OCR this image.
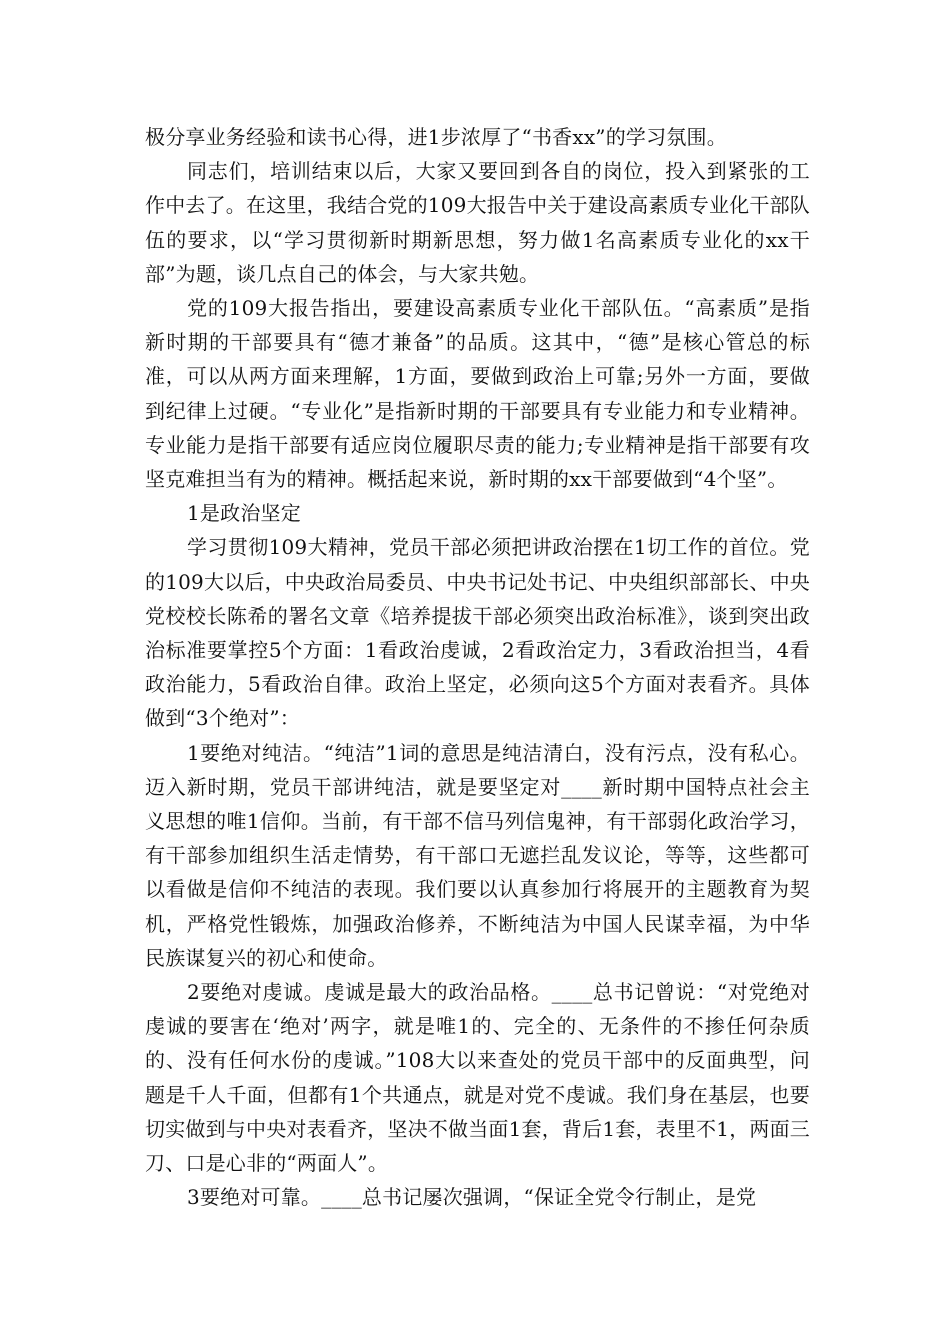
极分享业务经验和读书心得，进1步浓厚了“书香xx”的学习氛围。

同志们，培训结束以后，大家又要回到各自的岗位，投入到紧张的工作中去了。在这里，我结合党的109大报告中关于建设高素质专业化干部队伍的要求，以“学习贯彻新时期新思想，努力做1名高素质专业化的xx干部”为题，谈几点自己的体会，与大家共勉。

党的109大报告指出，要建设高素质专业化干部队伍。“高素质”是指新时期的干部要具有“德才兼备”的品质。这其中，“德”是核心管总的标准，可以从两方面来理解，1方面，要做到政治上可靠;另外一方面，要做到纪律上过硬。“专业化”是指新时期的干部要具有专业能力和专业精神。专业能力是指干部要有适应岗位履职尽责的能力;专业精神是指干部要有攻坚克难担当有为的精神。概括起来说，新时期的xx干部要做到“4个坚”。

1是政治坚定

学习贯彻109大精神，党员干部必须把讲政治摆在1切工作的首位。党的109大以后，中央政治局委员、中央书记处书记、中央组织部部长、中央党校校长陈希的署名文章《培养提拔干部必须突出政治标准》，谈到突出政治标准要掌控5个方面：1看政治虔诚，2看政治定力，3看政治担当，4看政治能力，5看政治自律。政治上坚定，必须向这5个方面对表看齐。具体做到“3个绝对”：

1要绝对纯洁。“纯洁”1词的意思是纯洁清白，没有污点，没有私心。迈入新时期，党员干部讲纯洁，就是要坚定对____新时期中国特点社会主义思想的唯1信仰。当前，有干部不信马列信鬼神，有干部弱化政治学习，有干部参加组织生活走情势，有干部口无遮拦乱发议论，等等，这些都可以看做是信仰不纯洁的表现。我们要以认真参加行将展开的主题教育为契机，严格党性锻炼，加强政治修养，不断纯洁为中国人民谋幸福，为中华民族谋复兴的初心和使命。

2要绝对虔诚。虔诚是最大的政治品格。____总书记曾说：“对党绝对虔诚的要害在‘绝对’两字，就是唯1的、完全的、无条件的不掺任何杂质的、没有任何水份的虔诚。”108大以来查处的党员干部中的反面典型，问题是千人千面，但都有1个共通点，就是对党不虔诚。我们身在基层，也要切实做到与中央对表看齐，坚决不做当面1套，背后1套，表里不1，两面三刀、口是心非的“两面人”。

3要绝对可靠。____总书记屡次强调，“保证全党令行制止，是党
